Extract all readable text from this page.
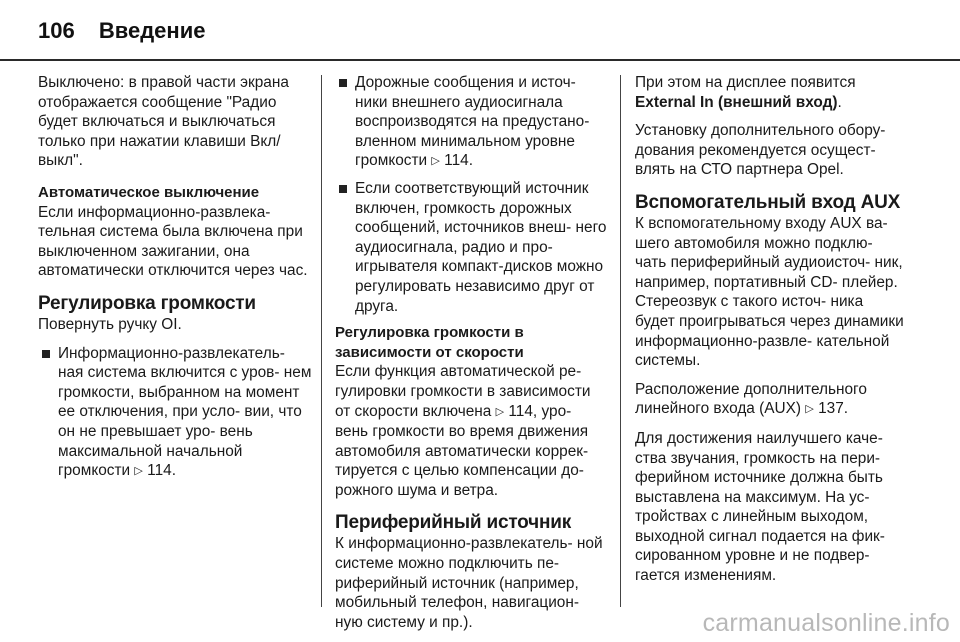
106 Введение

Выключено: в правой части экрана отображается сообщение "Радио будет включаться и выключаться только при нажатии клавиши Вкл/ выкл".

Автоматическое выключение

Если информационно-развлека- тельная система была включена при выключенном зажигании, она автоматически отключится через час.

Регулировка громкости

Повернуть ручку OI.

Информационно-развлекатель- ная система включится с уров- нем громкости, выбранном на момент ее отключения, при усло- вии, что он не превышает уро- вень максимальной начальной громкости ▷ 114.
Дорожные сообщения и источ- ники внешнего аудиосигнала воспроизводятся на предустано- вленном минимальном уровне громкости ▷ 114.
Если соответствующий источник включен, громкость дорожных сообщений, источников внеш- него аудиосигнала, радио и про- игрывателя компакт-дисков можно регулировать независимо друг от друга.
Регулировка громкости в зависимости от скорости

Если функция автоматической ре- гулировки громкости в зависимости от скорости включена ▷ 114, уро- вень громкости во время движения автомобиля автоматически коррек- тируется с целью компенсации до- рожного шума и ветра.

Периферийный источник

К информационно-развлекатель- ной системе можно подключить пе- риферийный источник (например, мобильный телефон, навигацион- ную систему и пр.).

При этом на дисплее появится External In (внешний вход).

Установку дополнительного обору- дования рекомендуется осущест- влять на СТО партнера Opel.

Вспомогательный вход AUX

К вспомогательному входу AUX ва- шего автомобиля можно подклю- чать периферийный аудиоисточ- ник, например, портативный CD- плейер. Стереозвук с такого источ- ника будет проигрываться через динамики информационно-развле- кательной системы.

Расположение дополнительного линейного входа (AUX) ▷ 137.

Для достижения наилучшего каче- ства звучания, громкость на пери- ферийном источнике должна быть выставлена на максимум. На ус- тройствах с линейным выходом, выходной сигнал подается на фик- сированном уровне и не подвер- гается изменениям.

carmanualsonline.info
